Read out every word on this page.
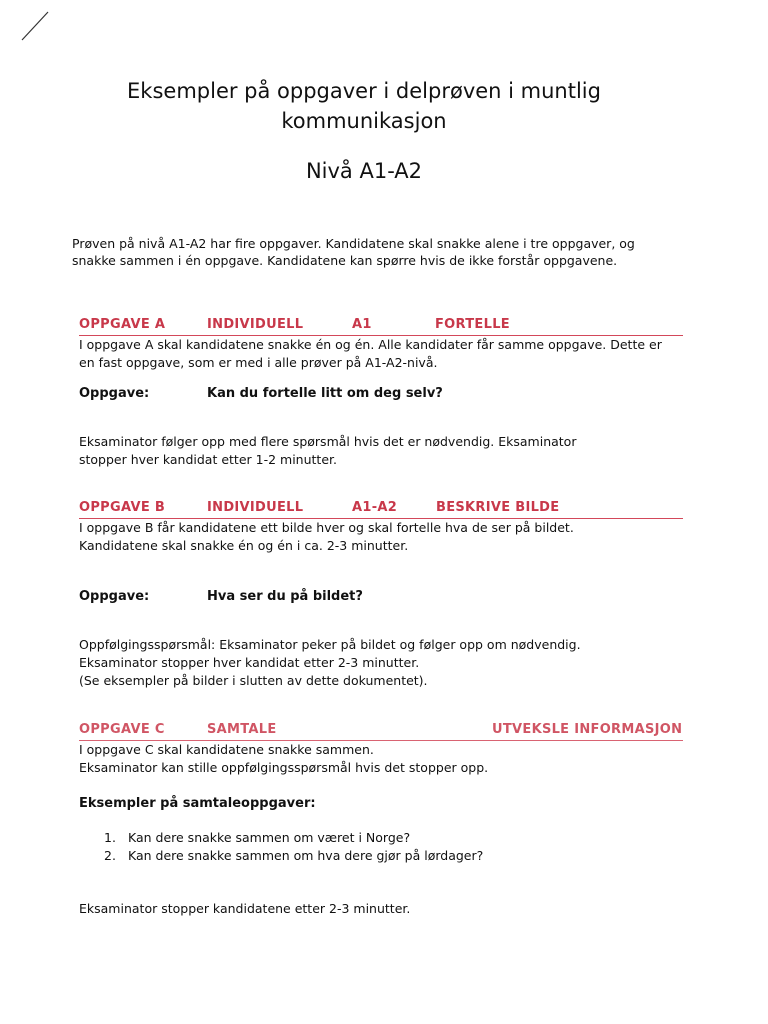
Eksempler på oppgaver i delprøven i muntlig
kommunikasjon
Nivå A1-A2
Prøven på nivå A1-A2 har fire oppgaver. Kandidatene skal snakke alene i tre oppgaver, og snakke sammen i én oppgave. Kandidatene kan spørre hvis de ikke forstår oppgavene.
OPPGAVE A	INDIVIDUELL	A1	FORTELLE
I oppgave A skal kandidatene snakke én og én. Alle kandidater får samme oppgave. Dette er en fast oppgave, som er med i alle prøver på A1-A2-nivå.
Oppgave:	Kan du fortelle litt om deg selv?
Eksaminator følger opp med flere spørsmål hvis det er nødvendig. Eksaminator
stopper hver kandidat etter 1-2 minutter.
OPPGAVE B	INDIVIDUELL	A1-A2	BESKRIVE BILDE
I oppgave B får kandidatene ett bilde hver og skal fortelle hva de ser på bildet.
Kandidatene skal snakke én og én i ca. 2-3 minutter.
Oppgave:	Hva ser du på bildet?
Oppfølgingsspørsmål: Eksaminator peker på bildet og følger opp om nødvendig.
Eksaminator stopper hver kandidat etter 2-3 minutter.
(Se eksempler på bilder i slutten av dette dokumentet).
OPPGAVE C	SAMTALE	UTVEKSLE INFORMASJON
I oppgave C skal kandidatene snakke sammen.
Eksaminator kan stille oppfølgingsspørsmål hvis det stopper opp.
Eksempler på samtaleoppgaver:
1. Kan dere snakke sammen om været i Norge?
2. Kan dere snakke sammen om hva dere gjør på lørdager?
Eksaminator stopper kandidatene etter 2-3 minutter.
